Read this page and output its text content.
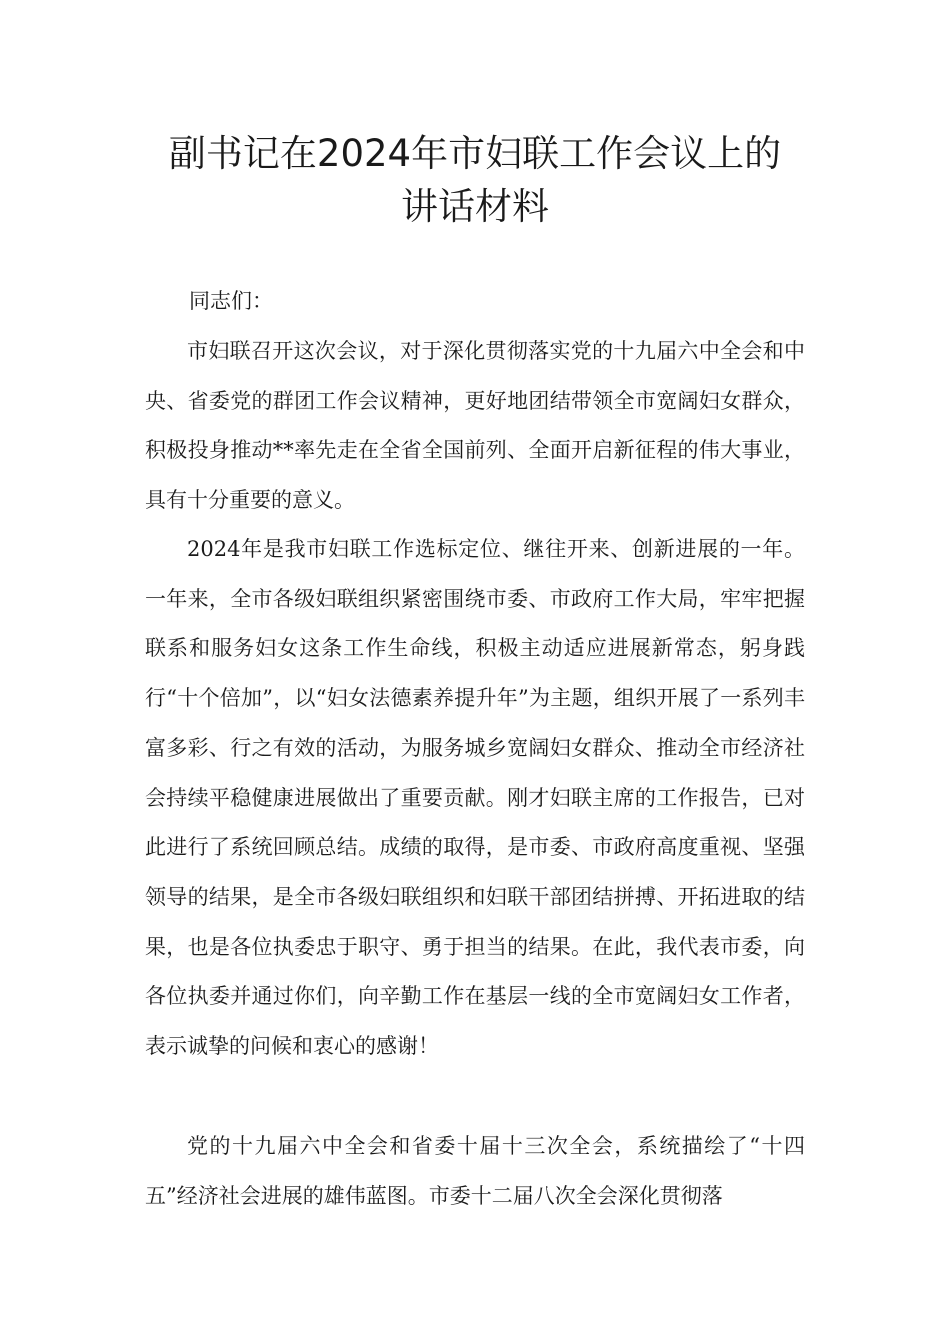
副书记在2024年市妇联工作会议上的
讲话材料

同志们：

市妇联召开这次会议，对于深化贯彻落实党的十九届六中全会和中央、省委党的群团工作会议精神，更好地团结带领全市宽阔妇女群众，积极投身推动**率先走在全省全国前列、全面开启新征程的伟大事业，具有十分重要的意义。

2024年是我市妇联工作选标定位、继往开来、创新进展的一年。一年来，全市各级妇联组织紧密围绕市委、市政府工作大局，牢牢把握联系和服务妇女这条工作生命线，积极主动适应进展新常态，躬身践行“十个倍加”，以“妇女法德素养提升年”为主题，组织开展了一系列丰富多彩、行之有效的活动，为服务城乡宽阔妇女群众、推动全市经济社会持续平稳健康进展做出了重要贡献。刚才妇联主席的工作报告，已对此进行了系统回顾总结。成绩的取得，是市委、市政府高度重视、坚强领导的结果，是全市各级妇联组织和妇联干部团结拼搏、开拓进取的结果，也是各位执委忠于职守、勇于担当的结果。在此，我代表市委，向各位执委并通过你们，向辛勤工作在基层一线的全市宽阔妇女工作者，表示诚挚的问候和衷心的感谢！

党的十九届六中全会和省委十届十三次全会，系统描绘了“十四五”经济社会进展的雄伟蓝图。市委十二届八次全会深化贯彻落
